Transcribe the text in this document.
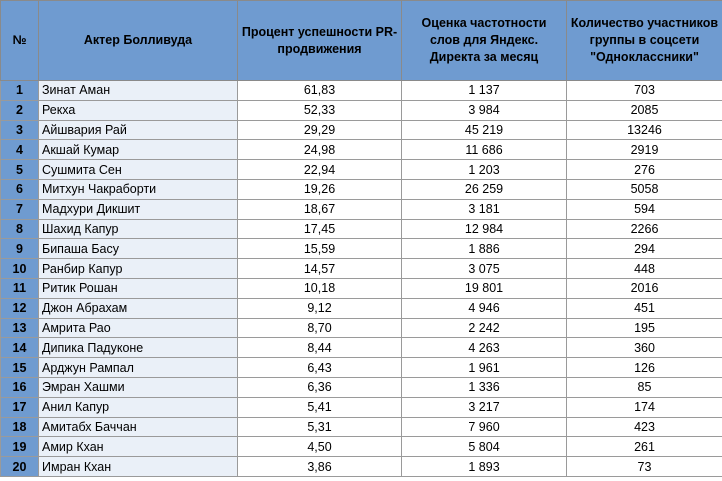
№	Актер Болливуда	Процент успешности PR-продвижения	Оценка частотности слов для Яндекс. Директа за месяц	Количество участников группы в соцсети "Одноклассники"
1	Зинат Аман	61,83	1 137	703
2	Рекха	52,33	3 984	2085
3	Айшвария Рай	29,29	45 219	13246
4	Акшай Кумар	24,98	11 686	2919
5	Сушмита Сен	22,94	1 203	276
6	Митхун Чакраборти	19,26	26 259	5058
7	Мадхури Дикшит	18,67	3 181	594
8	Шахид Капур	17,45	12 984	2266
9	Бипаша Басу	15,59	1 886	294
10	Ранбир Капур	14,57	3 075	448
11	Ритик Рошан	10,18	19 801	2016
12	Джон Абрахам	9,12	4 946	451
13	Амрита Рао	8,70	2 242	195
14	Дипика Падуконе	8,44	4 263	360
15	Арджун Рампал	6,43	1 961	126
16	Эмран Хашми	6,36	1 336	85
17	Анил Капур	5,41	3 217	174
18	Амитабх Баччан	5,31	7 960	423
19	Амир Кхан	4,50	5 804	261
20	Имран Кхан	3,86	1 893	73
